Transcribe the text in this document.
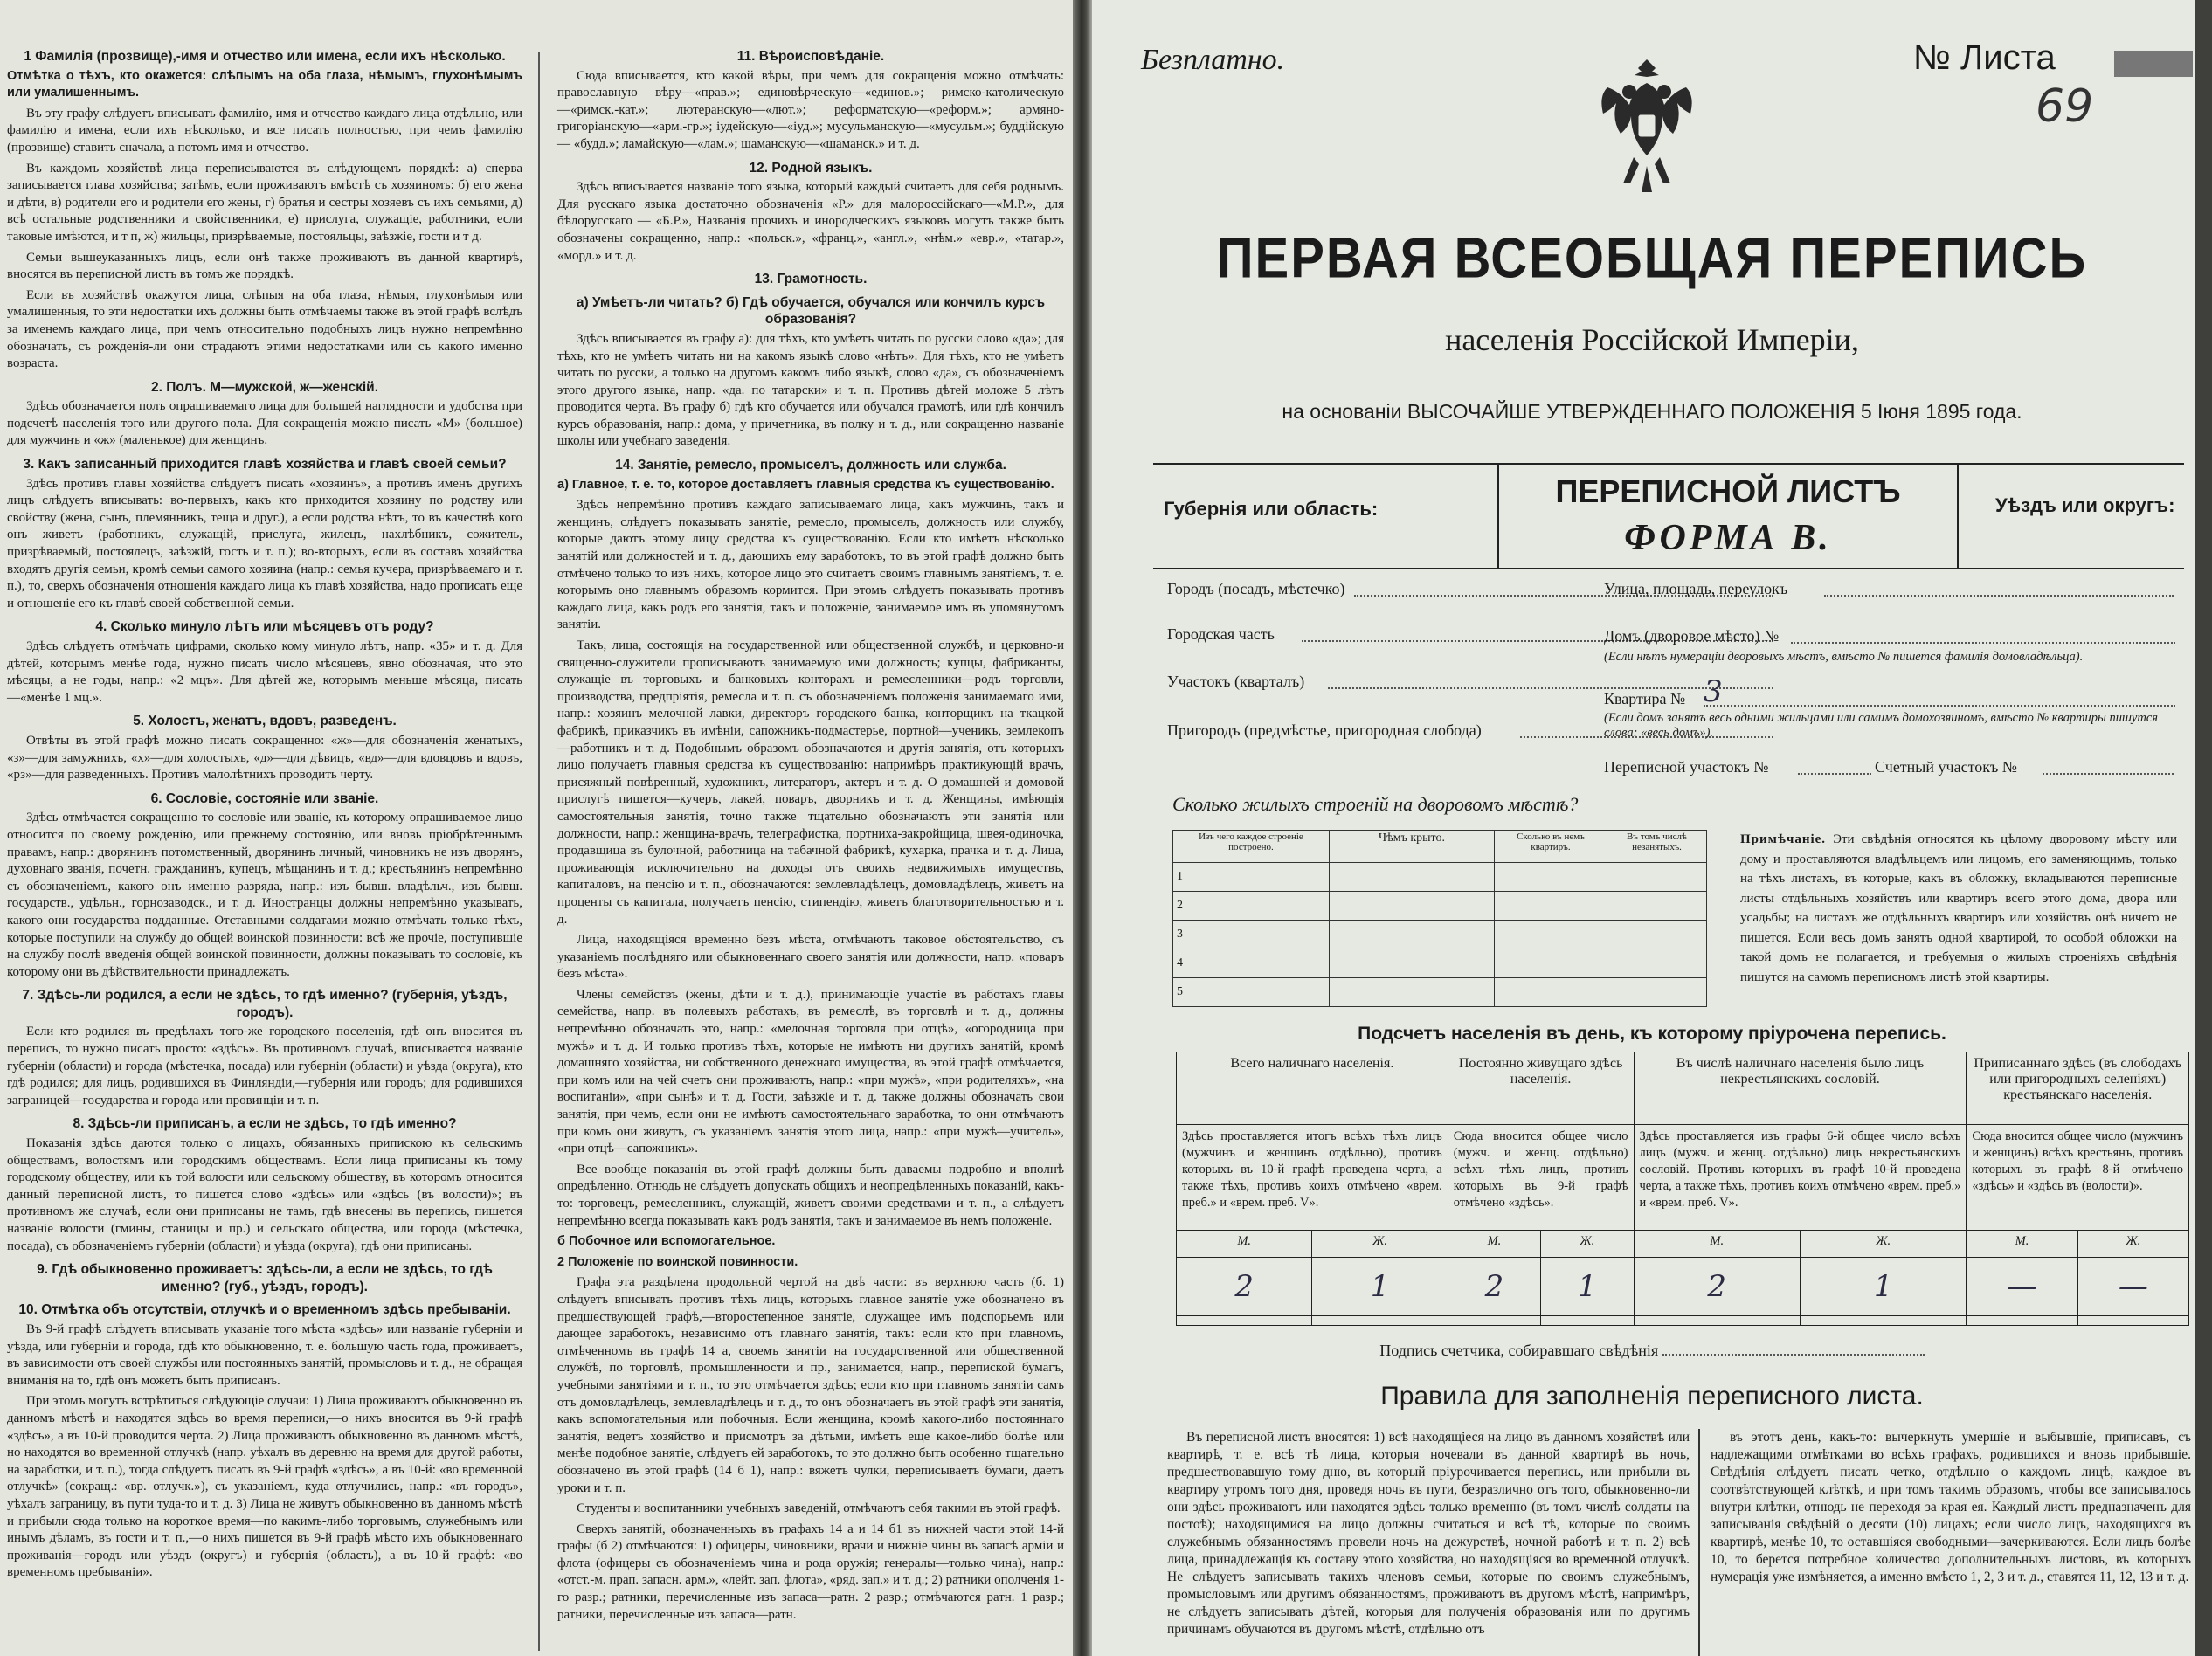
1 Фамилія (прозвище),-имя и отчество или имена, если ихъ нѣсколько.

Отмѣтка о тѣхъ, кто окажется: слѣпымъ на оба глаза, нѣмымъ, глухонѣмымъ или умалишеннымъ.

Въ эту графу слѣдуетъ вписывать фамилію, имя и отчество каждаго лица отдѣльно, или фамилію и имена, если ихъ нѣсколько, и все писать полностью, при чемъ фамилію (прозвище) ставить сначала, а потомъ имя и отчество.

Въ каждомъ хозяйствѣ лица переписываются въ слѣдующемъ порядкѣ: а) сперва записывается глава хозяйства; затѣмъ, если проживаютъ вмѣстѣ съ хозяиномъ: б) его жена и дѣти, в) родители его и родители его жены, г) братья и сестры хозяевъ съ ихъ семьями, д) всѣ остальные родственники и свойственники, е) прислуга, служащіе, работники, если таковые имѣются, и т п, ж) жильцы, призрѣваемые, постояльцы, заѣзжіе, гости и т д.

Семьи вышеуказанныхъ лицъ, если онѣ также проживаютъ въ данной квартирѣ, вносятся въ переписной листъ въ томъ же порядкѣ.

Если въ хозяйствѣ окажутся лица, слѣпыя на оба глаза, нѣмыя, глухонѣмыя или умалишенныя, то эти недостатки ихъ должны быть отмѣчаемы также въ этой графѣ вслѣдъ за именемъ каждаго лица, при чемъ относительно подобныхъ лицъ нужно непремѣнно обозначать, съ рожденія-ли они страдаютъ этими недостатками или съ какого именно возраста.

2. Полъ. М—мужской, ж—женскій.

Здѣсь обозначается полъ опрашиваемаго лица для большей наглядности и удобства при подсчетѣ населенія того или другого пола. Для сокращенія можно писать «М» (большое) для мужчинъ и «ж» (маленькое) для женщинъ.

3. Какъ записанный приходится главѣ хозяйства и главѣ своей семьи?

Здѣсь противъ главы хозяйства слѣдуетъ писать «хозяинъ», а противъ именъ другихъ лицъ слѣдуетъ вписывать: во-первыхъ, какъ кто приходится хозяину по родству или свойству (жена, сынъ, племянникъ, теща и друг.), а если родства нѣтъ, то въ качествѣ кого онъ живетъ (работникъ, служащій, прислуга, жилецъ, нахлѣбникъ, сожитель, призрѣваемый, постоялецъ, заѣзжій, гость и т. п.); во-вторыхъ, если въ составъ хозяйства входятъ другія семьи, кромѣ семьи самого хозяина (напр.: семья кучера, призрѣваемаго и т. п.), то, сверхъ обозначенія отношенія каждаго лица къ главѣ хозяйства, надо прописать еще и отношеніе его къ главѣ своей собственной семьи.

4. Сколько минуло лѣтъ или мѣсяцевъ отъ роду?

Здѣсь слѣдуетъ отмѣчать цифрами, сколько кому минуло лѣтъ, напр. «35» и т. д. Для дѣтей, которымъ менѣе года, нужно писать число мѣсяцевъ, явно обозначая, что это мѣсяцы, а не годы, напр.: «2 мцъ». Для дѣтей же, которымъ меньше мѣсяца, писать—«менѣе 1 мц.».

5. Холостъ, женатъ, вдовъ, разведенъ.

Отвѣты въ этой графѣ можно писать сокращенно: «ж»—для обозначенія женатыхъ, «з»—для замужнихъ, «х»—для холостыхъ, «д»—для дѣвицъ, «вд»—для вдовцовъ и вдовъ, «рз»—для разведенныхъ. Противъ малолѣтнихъ проводить черту.

6. Сословіе, состояніе или званіе.

Здѣсь отмѣчается сокращенно то сословіе или званіе, къ которому опрашиваемое лицо относится по своему рожденію, или прежнему состоянію, или вновь пріобрѣтеннымъ правамъ, напр.: дворянинъ потомственный, дворянинъ личный, чиновникъ не изъ дворянъ, духовнаго званія, почетн. гражданинъ, купецъ, мѣщанинъ и т. д.; крестьянинъ непремѣнно съ обозначеніемъ, какого онъ именно разряда, напр.: изъ бывш. владѣльч., изъ бывш. государств., удѣльн., горнозаводск., и т. д. Иностранцы должны непремѣнно указывать, какого они государства подданные. Отставными солдатами можно отмѣчать только тѣхъ, которые поступили на службу до общей воинской повинности: всѣ же прочіе, поступившіе на службу послѣ введенія общей воинской повинности, должны показывать то сословіе, къ которому они въ дѣйствительности принадлежатъ.

7. Здѣсь-ли родился, а если не здѣсь, то гдѣ именно? (губернія, уѣздъ, городъ).

Если кто родился въ предѣлахъ того-же городского поселенія, гдѣ онъ вносится въ перепись, то нужно писать просто: «здѣсь». Въ противномъ случаѣ, вписывается названіе губерніи (области) и города (мѣстечка, посада) или губерніи (области) и уѣзда (округа), кто гдѣ родился; для лицъ, родившихся въ Финляндіи,—губернія или городъ; для родившихся заграницей—государства и города или провинціи и т. п.

8. Здѣсь-ли приписанъ, а если не здѣсь, то гдѣ именно?

Показанія здѣсь даются только о лицахъ, обязанныхъ припискою къ сельскимъ обществамъ, волостямъ или городскимъ обществамъ. Если лица приписаны къ тому городскому обществу, или къ той волости или сельскому обществу, въ которомъ относится данный переписной листъ, то пишется слово «здѣсь» или «здѣсь (въ волости)»; въ противномъ же случаѣ, если они приписаны не тамъ, гдѣ внесены въ перепись, пишется названіе волости (гмины, станицы и пр.) и сельскаго общества, или города (мѣстечка, посада), съ обозначеніемъ губерніи (области) и уѣзда (округа), гдѣ они приписаны.

9. Гдѣ обыкновенно проживаетъ: здѣсь-ли, а если не здѣсь, то гдѣ именно? (губ., уѣздъ, городъ).
10. Отмѣтка объ отсутствіи, отлучкѣ и о временномъ здѣсь пребываніи.

Въ 9-й графѣ слѣдуетъ вписывать указаніе того мѣста «здѣсь» или названіе губерніи и уѣзда, или губерніи и города, гдѣ кто обыкновенно, т. е. большую часть года, проживаетъ, въ зависимости отъ своей службы или постоянныхъ занятій, промысловъ и т. д., не обращая вниманія на то, гдѣ онъ можетъ быть приписанъ.

При этомъ могутъ встрѣтиться слѣдующіе случаи: 1) Лица проживаютъ обыкновенно въ данномъ мѣстѣ и находятся здѣсь во время переписи,—о нихъ вносится въ 9-й графѣ «здѣсь», а въ 10-й проводится черта. 2) Лица проживаютъ обыкновенно въ данномъ мѣстѣ, но находятся во временной отлучкѣ (напр. уѣхалъ въ деревню на время для другой работы, на заработки, и т. п.), тогда слѣдуетъ писать въ 9-й графѣ «здѣсь», а въ 10-й: «во временной отлучкѣ» (сокращ.: «вр. отлучк.»), съ указаніемъ, куда отлучились, напр.: «въ городъ», уѣхалъ заграницу, въ пути туда-то и т. д. 3) Лица не живутъ обыкновенно въ данномъ мѣстѣ и прибыли сюда только на короткое время—по какимъ-либо торговымъ, служебнымъ или инымъ дѣламъ, въ гости и т. п.,—о нихъ пишется въ 9-й графѣ мѣсто ихъ обыкновеннаго проживанія—городъ или уѣздъ (округъ) и губернія (область), а въ 10-й графѣ: «во временномъ пребываніи».

11. Вѣроисповѣданіе.

Сюда вписывается, кто какой вѣры, при чемъ для сокращенія можно отмѣчать: православную вѣру—«прав.»; единовѣрческую—«единов.»; римско-католическую—«римск.-кат.»; лютеранскую—«лют.»; реформатскую—«реформ.»; армяно-григоріанскую—«арм.-гр.»; іудейскую—«іуд.»; мусульманскую—«мусульм.»; буддійскую — «будд.»; ламайскую—«лам.»; шаманскую—«шаманск.» и т. д.

12. Родной языкъ.

Здѣсь вписывается названіе того языка, который каждый считаетъ для себя роднымъ. Для русскаго языка достаточно обозначенія «Р.» для малороссійскаго—«М.Р.», для бѣлорусскаго — «Б.Р.», Названія прочихъ и инородческихъ языковъ могутъ также быть обозначены сокращенно, напр.: «польск.», «франц.», «англ.», «нѣм.» «евр.», «татар.», «морд.» и т. д.

13. Грамотность.
а) Умѣетъ-ли читать? б) Гдѣ обучается, обучался или кончилъ курсъ образованія?

Здѣсь вписывается въ графу а): для тѣхъ, кто умѣетъ читать по русски слово «да»; для тѣхъ, кто не умѣетъ читать ни на какомъ языкѣ слово «нѣтъ». Для тѣхъ, кто не умѣетъ читать по русски, а только на другомъ какомъ либо языкѣ, слово «да», съ обозначеніемъ этого другого языка, напр. «да. по татарски» и т. п. Противъ дѣтей моложе 5 лѣтъ проводится черта. Въ графу б) гдѣ кто обучается или обучался грамотѣ, или гдѣ кончилъ курсъ образованія, напр.: дома, у причетника, въ полку и т. д., или сокращенно названіе школы или учебнаго заведенія.

14. Занятіе, ремесло, промыселъ, должность или служба.

а) Главное, т. е. то, которое доставляетъ главныя средства къ существованію.

Здѣсь непремѣнно противъ каждаго записываемаго лица, какъ мужчинъ, такъ и женщинъ, слѣдуетъ показывать занятіе, ремесло, промыселъ, должность или службу, которые даютъ этому лицу средства къ существованію. Если кто имѣетъ нѣсколько занятій или должностей и т. д., дающихъ ему заработокъ, то въ этой графѣ должно быть отмѣчено только то изъ нихъ, которое лицо это считаетъ своимъ главнымъ занятіемъ, т. е. которымъ оно главнымъ образомъ кормится. При этомъ слѣдуетъ показывать противъ каждаго лица, какъ родъ его занятія, такъ и положеніе, занимаемое имъ въ упомянутомъ занятіи.

Такъ, лица, состоящія на государственной или общественной службѣ, и церковно-и священно-служители прописываютъ занимаемую ими должность; купцы, фабриканты, служащіе въ торговыхъ и банковыхъ конторахъ и ремесленники—родъ торговли, производства, предпріятія, ремесла и т. п. съ обозначеніемъ положенія занимаемаго ими, напр.: хозяинъ мелочной лавки, директоръ городского банка, конторщикъ на ткацкой фабрикѣ, приказчикъ въ имѣніи, сапожникъ-подмастерье, портной—ученикъ, землекопъ—работникъ и т. д. Подобнымъ образомъ обозначаются и другія занятія, отъ которыхъ лицо получаетъ главныя средства къ существованію: напримѣръ практикующій врачъ, присяжный повѣренный, художникъ, литераторъ, актеръ и т. д. О домашней и домовой прислугѣ пишется—кучеръ, лакей, поваръ, дворникъ и т. д. Женщины, имѣющія самостоятельныя занятія, точно также тщательно обозначаютъ эти занятія или должности, напр.: женщина-врачъ, телеграфистка, портниха-закройщица, швея-одиночка, продавщица въ булочной, работница на табачной фабрикѣ, кухарка, прачка и т. д. Лица, проживающія исключительно на доходы отъ своихъ недвижимыхъ имуществъ, капиталовъ, на пенсію и т. п., обозначаются: землевладѣлецъ, домовладѣлецъ, живетъ на проценты съ капитала, получаетъ пенсію, стипендію, живетъ благотворительностью и т. д.

Лица, находящіяся временно безъ мѣста, отмѣчаютъ таковое обстоятельство, съ указаніемъ послѣдняго или обыкновеннаго своего занятія или должности, напр. «поваръ безъ мѣста».

Члены семействъ (жены, дѣти и т. д.), принимающіе участіе въ работахъ главы семейства, напр. въ полевыхъ работахъ, въ ремеслѣ, въ торговлѣ и т. д., должны непремѣнно обозначать это, напр.: «мелочная торговля при отцѣ», «огородница при мужѣ» и т. д. И только противъ тѣхъ, которые не имѣютъ ни другихъ занятій, кромѣ домашняго хозяйства, ни собственного денежнаго имущества, въ этой графѣ отмѣчается, при комъ или на чей счетъ они проживаютъ, напр.: «при мужѣ», «при родителяхъ», «на воспитаніи», «при сынѣ» и т. д. Гости, заѣзжіе и т. д. также должны обозначать свои занятія, при чемъ, если они не имѣютъ самостоятельнаго заработка, то они отмѣчаютъ при комъ они живутъ, съ указаніемъ занятія этого лица, напр.: «при мужѣ—учитель», «при отцѣ—сапожникъ».

Все вообще показанія въ этой графѣ должны быть даваемы подробно и вполнѣ опредѣленно. Отнюдь не слѣдуетъ допускать общихъ и неопредѣленныхъ показаній, какъ-то: торговецъ, ремесленникъ, служащій, живетъ своими средствами и т. п., а слѣдуетъ непремѣнно всегда показывать какъ родъ занятія, такъ и занимаемое въ немъ положеніе.

б Побочное или вспомогательное.

2 Положеніе по воинской повинности.

Графа эта раздѣлена продольной чертой на двѣ части: въ верхнюю часть (б. 1) слѣдуетъ вписывать противъ тѣхъ лицъ, которыхъ главное занятіе уже обозначено въ предшествующей графѣ,—второстепенное занятіе, служащее имъ подспорьемъ или дающее заработокъ, независимо отъ главнаго занятія, такъ: если кто при главномъ, отмѣченномъ въ графѣ 14 а, своемъ занятіи на государственной или общественной службѣ, по торговлѣ, промышленности и пр., занимается, напр., перепиской бумагъ, учебными занятіями и т. п., то это отмѣчается здѣсь; если кто при главномъ занятіи самъ отъ домовладѣлецъ, землевладѣлецъ и т. д., то онъ обозначаетъ въ этой графѣ эти занятія, какъ вспомогательныя или побочныя. Если женщина, кромѣ какого-либо постояннаго занятія, ведетъ хозяйство и присмотръ за дѣтьми, имѣетъ еще какое-либо болѣе или менѣе подобное занятіе, слѣдуетъ ей заработокъ, то это должно быть особенно тщательно обозначено въ этой графѣ (14 б 1), напр.: вяжетъ чулки, переписываетъ бумаги, даетъ уроки и т. п.

Студенты и воспитанники учебныхъ заведеній, отмѣчаютъ себя такими въ этой графѣ.

Сверхъ занятій, обозначенныхъ въ графахъ 14 а и 14 б1 въ нижней части этой 14-й графы (б 2) отмѣчаются: 1) офицеры, чиновники, врачи и нижніе чины въ запасѣ арміи и флота (офицеры съ обозначеніемъ чина и рода оружія; генералы—только чина), напр.: «отст.-м. прап. запасн. арм.», «лейт. зап. флота», «ряд. зап.» и т. д.; 2) ратники ополченія 1-го разр.; ратники, перечисленные изъ запаса—ратн. 2 разр.; отмѣчаются ратн. 1 разр.; ратники, перечисленные изъ запаса—ратн.

Безплатно.	№ Листа
69
ПЕРВАЯ ВСЕОБЩАЯ ПЕРЕПИСЬ
населенія Россійской Имперіи,
на основаніи ВЫСОЧАЙШЕ УТВЕРЖДЕННАГО ПОЛОЖЕНІЯ 5 Іюня 1895 года.
Губернія или область:	ПЕРЕПИСНОЙ ЛИСТЪ
ФОРМА В.
Уѣздъ или округъ:
Городъ (посадъ, мѣстечко)
Городская часть
Участокъ (кварталъ)
Пригородъ (предмѣстье, пригородная слобода)
Улица, площадь, переулокъ
Домъ (дворовое мѣсто) №
(Если нѣтъ нумераціи дворовыхъ мѣстъ, вмѣсто № пишется фамилія домовладѣльца).
Квартира № 3
(Если домъ занятъ весь одними жильцами или самимъ домохозяиномъ, вмѣсто № квартиры пишутся слова: «весь домъ»).
Переписной участокъ №	Счетный участокъ №
Сколько жилыхъ строеній на дворовомъ мѣстѣ?
Изъ чего каждое строеніе построено.	Чѣмъ крыто.	Сколько въ немъ квартиръ.	Въ томъ числѣ незанятыхъ.
1			
2			
3			
4			
5			
Примѣчаніе. Эти свѣдѣнія относятся къ цѣлому дворовому мѣсту или дому и проставляются владѣльцемъ или лицомъ, его заменяющимъ, только на тѣхъ листахъ, въ которые, какъ въ обложку, вкладываются переписные листы отдѣльныхъ хозяйствъ или квартиръ всего этого дома, двора или усадьбы; на листахъ же отдѣльныхъ квартиръ или хозяйствъ онѣ ничего не пишется. Если весь домъ занятъ одной квартирой, то особой обложки на такой домъ не полагается, и требуемыя о жилыхъ строеніяхъ свѣдѣнія пишутся на самомъ переписномъ листѣ этой квартиры.
Подсчетъ населенія въ день, къ которому пріурочена перепись.
Всего наличнаго населенія.		Постоянно живущаго здѣсь населенія.		Въ числѣ наличнаго населенія было лицъ некрестьянскихъ сословій.		Приписаннаго здѣсь (въ слободахъ или пригородныхъ селеніяхъ) крестьянскаго населенія.	
Здѣсь проставляется итогъ всѣхъ тѣхъ лицъ (мужчинъ и женщинъ отдѣльно), противъ которыхъ въ 10-й графѣ проведена черта, а также тѣхъ, противъ коихъ отмѣчено «врем. преб.» и «врем. преб. V».		Сюда вносится общее число (мужч. и женщ. отдѣльно) всѣхъ тѣхъ лицъ, противъ которыхъ въ 9-й графѣ отмѣчено «здѣсь».		Здѣсь проставляется изъ графы 6-й общее число всѣхъ лицъ (мужч. и женщ. отдѣльно) лицъ некрестьянскихъ сословій. Противъ которыхъ въ графѣ 10-й проведена черта, а также тѣхъ, противъ коихъ отмѣчено «врем. преб.» и «врем. преб. V».		Сюда вносится общее число (мужчинъ и женщинъ) всѣхъ крестьянъ, противъ которыхъ въ графѣ 8-й отмѣчено «здѣсь» и «здѣсь въ (волости)».	
М.	Ж.	М.	Ж.	М.	Ж.	М.	Ж.
2	1	2	1	2	1	—	—

Подпись счетчика, собиравшаго свѣдѣнія
Правила для заполненія переписного листа.

Въ переписной листъ вносятся: 1) всѣ находящіеся на лицо въ данномъ хозяйствѣ или квартирѣ, т. е. всѣ тѣ лица, которыя ночевали въ данной квартирѣ въ ночь, предшествовавшую тому дню, въ который пріурочивается перепись, или прибыли въ квартиру утромъ того дня, проведя ночь въ пути, безразлично отъ того, обыкновенно-ли они здѣсь проживаютъ или находятся здѣсь только временно (въ томъ числѣ солдаты на постоѣ); находящимися на лицо должны считаться и всѣ тѣ, которые по своимъ служебнымъ обязанностямъ провели ночь на дежурствѣ, ночной работѣ и т. п. 2) всѣ лица, принадлежащія къ составу этого хозяйства, но находящіяся во временной отлучкѣ. Не слѣдуетъ записывать такихъ членовъ семьи, которые по своимъ служебнымъ, промысловымъ или другимъ обязанностямъ, проживаютъ въ другомъ мѣстѣ, напримѣръ, не слѣдуетъ записывать дѣтей, которыя для полученія образованія или по другимъ причинамъ обучаются въ другомъ мѣстѣ, отдѣльно отъ

въ этотъ день, какъ-то: вычеркнуть умершіе и выбывшіе, приписавъ, съ надлежащими отмѣтками во всѣхъ графахъ, родившихся и вновь прибывшіе. Свѣдѣнія слѣдуетъ писать четко, отдѣльно о каждомъ лицѣ, каждое въ соотвѣтствующей клѣткѣ, и при томъ такимъ образомъ, чтобы все записывалось внутри клѣтки, отнюдь не переходя за края ея. Каждый листъ предназначенъ для записыванія свѣдѣній о десяти (10) лицахъ; если число лицъ, находящихся въ квартирѣ, менѣе 10, то оставшіяся свободными—зачеркиваются. Если лицъ болѣе 10, то берется потребное количество дополнительныхъ листовъ, въ которыхъ нумерація уже измѣняется, а именно вмѣсто 1, 2, 3 и т. д., ставятся 11, 12, 13 и т. д.
